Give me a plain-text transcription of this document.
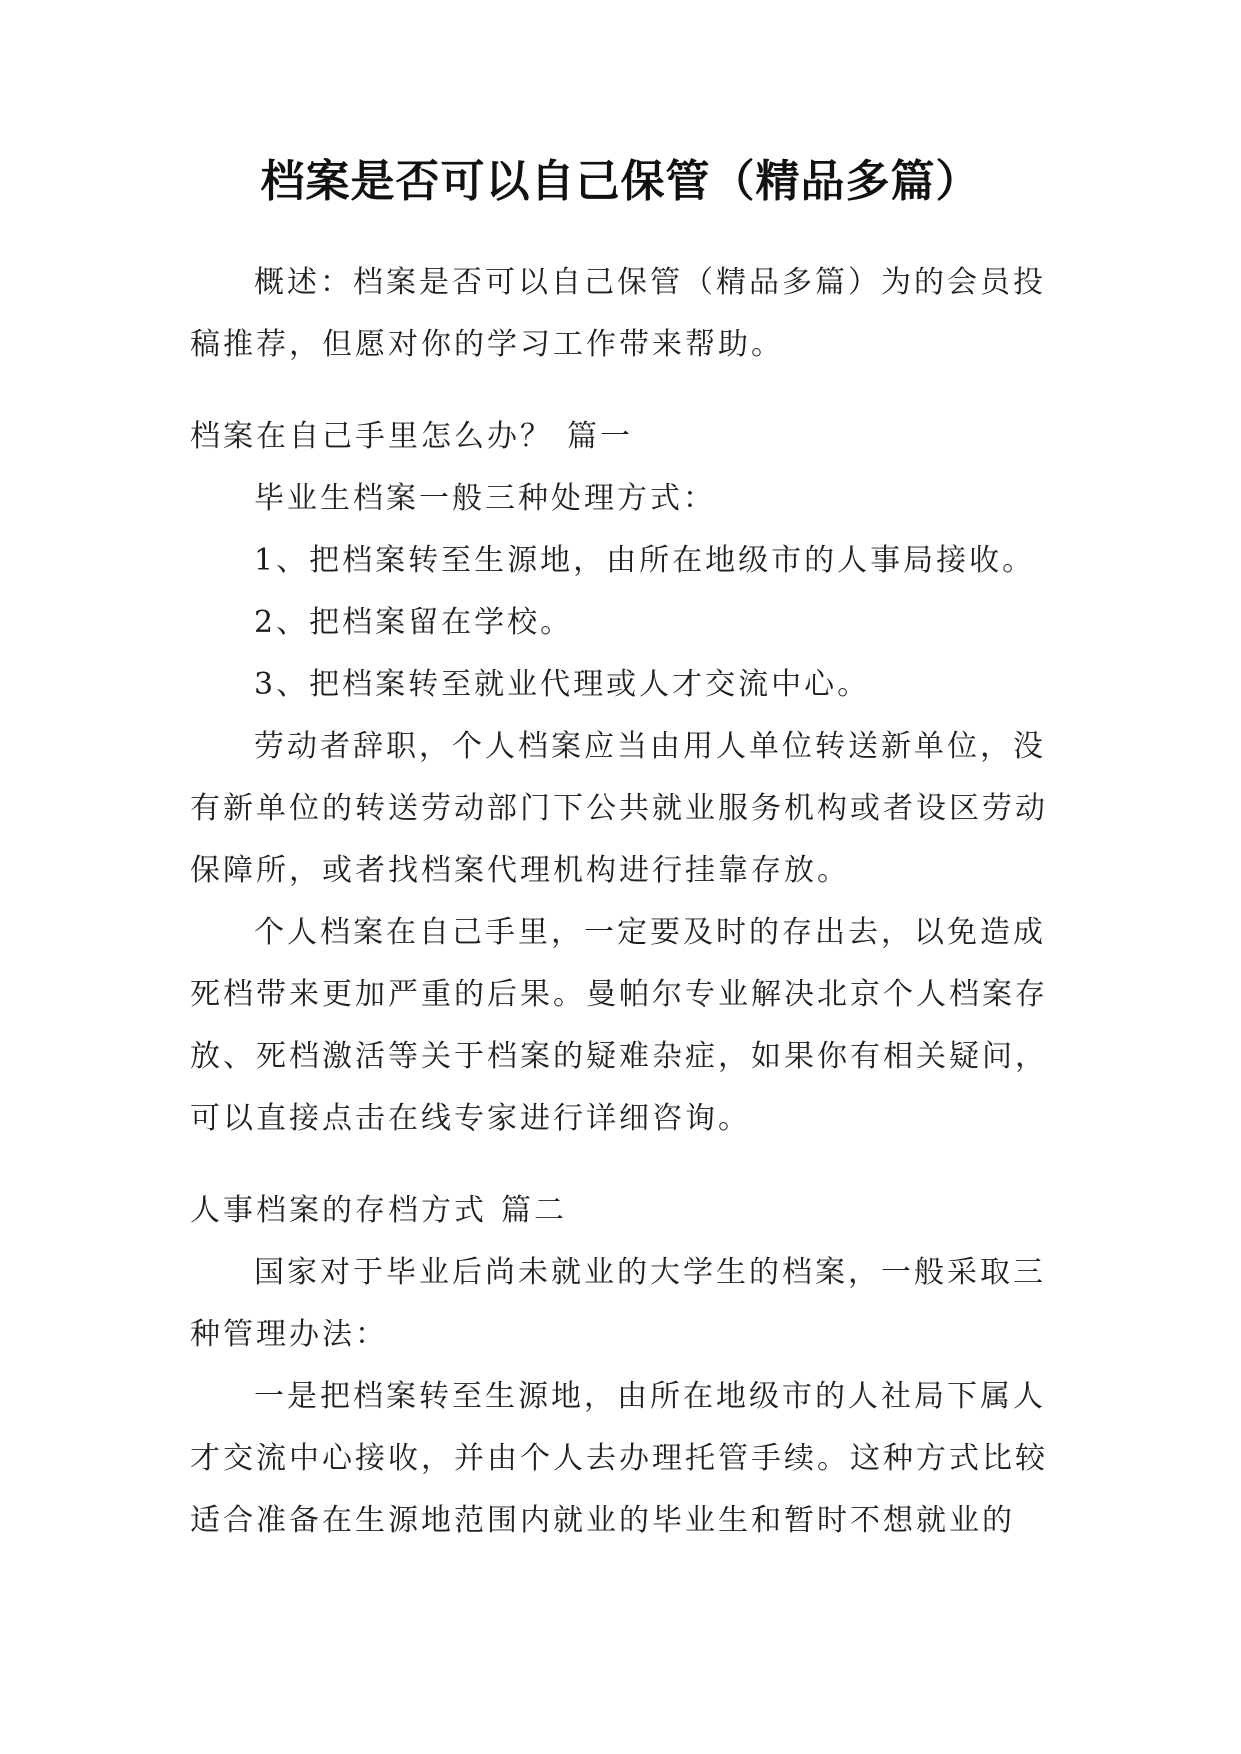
档案是否可以自己保管（精品多篇）

概述：档案是否可以自己保管（精品多篇）为的会员投稿推荐，但愿对你的学习工作带来帮助。

档案在自己手里怎么办？ 篇一

毕业生档案一般三种处理方式：

1、把档案转至生源地，由所在地级市的人事局接收。

2、把档案留在学校。

3、把档案转至就业代理或人才交流中心。

劳动者辞职，个人档案应当由用人单位转送新单位，没有新单位的转送劳动部门下公共就业服务机构或者设区劳动保障所，或者找档案代理机构进行挂靠存放。

个人档案在自己手里，一定要及时的存出去，以免造成死档带来更加严重的后果。曼帕尔专业解决北京个人档案存放、死档激活等关于档案的疑难杂症，如果你有相关疑问，可以直接点击在线专家进行详细咨询。

人事档案的存档方式 篇二

国家对于毕业后尚未就业的大学生的档案，一般采取三种管理办法：

一是把档案转至生源地，由所在地级市的人社局下属人才交流中心接收，并由个人去办理托管手续。这种方式比较适合准备在生源地范围内就业的毕业生和暂时不想就业的
